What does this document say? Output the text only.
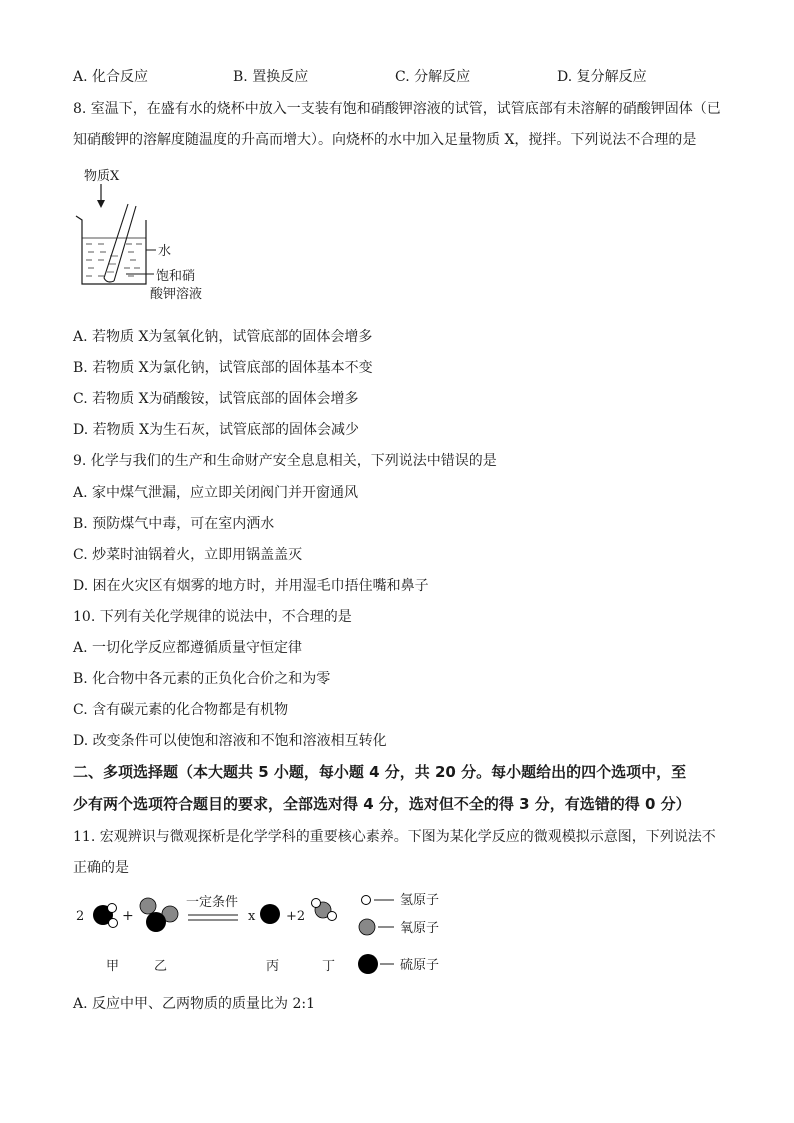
A. 化合反应	B. 置换反应	C. 分解反应	D. 复分解反应
8. 室温下，在盛有水的烧杯中放入一支装有饱和硝酸钾溶液的试管，试管底部有未溶解的硝酸钾固体（已
知硝酸钾的溶解度随温度的升高而增大）。向烧杯的水中加入足量物质 X，搅拌。下列说法不合理的是
物质X
水
饱和硝
酸钾溶液
A. 若物质 X为氢氧化钠，试管底部的固体会增多
B. 若物质 X为氯化钠，试管底部的固体基本不变
C. 若物质 X为硝酸铵，试管底部的固体会增多
D. 若物质 X为生石灰，试管底部的固体会减少
9. 化学与我们的生产和生命财产安全息息相关，下列说法中错误的是
A. 家中煤气泄漏，应立即关闭阀门并开窗通风
B. 预防煤气中毒，可在室内洒水
C. 炒菜时油锅着火，立即用锅盖盖灭
D. 困在火灾区有烟雾的地方时，并用湿毛巾捂住嘴和鼻子
10. 下列有关化学规律的说法中，不合理的是
A. 一切化学反应都遵循质量守恒定律
B. 化合物中各元素的正负化合价之和为零
C. 含有碳元素的化合物都是有机物
D. 改变条件可以使饱和溶液和不饱和溶液相互转化
二、多项选择题（本大题共 5 小题，每小题 4 分，共 20 分。每小题给出的四个选项中，至
少有两个选项符合题目的要求，全部选对得 4 分，选对但不全的得 3 分，有选错的得 0 分）
11. 宏观辨识与微观探析是化学学科的重要核心素养。下图为某化学反应的微观模拟示意图，下列说法不
正确的是
2	+
一定条件
x +2
甲	乙	丙	丁
氢原子
氧原子
硫原子
A. 反应中甲、乙两物质的质量比为 2:1
